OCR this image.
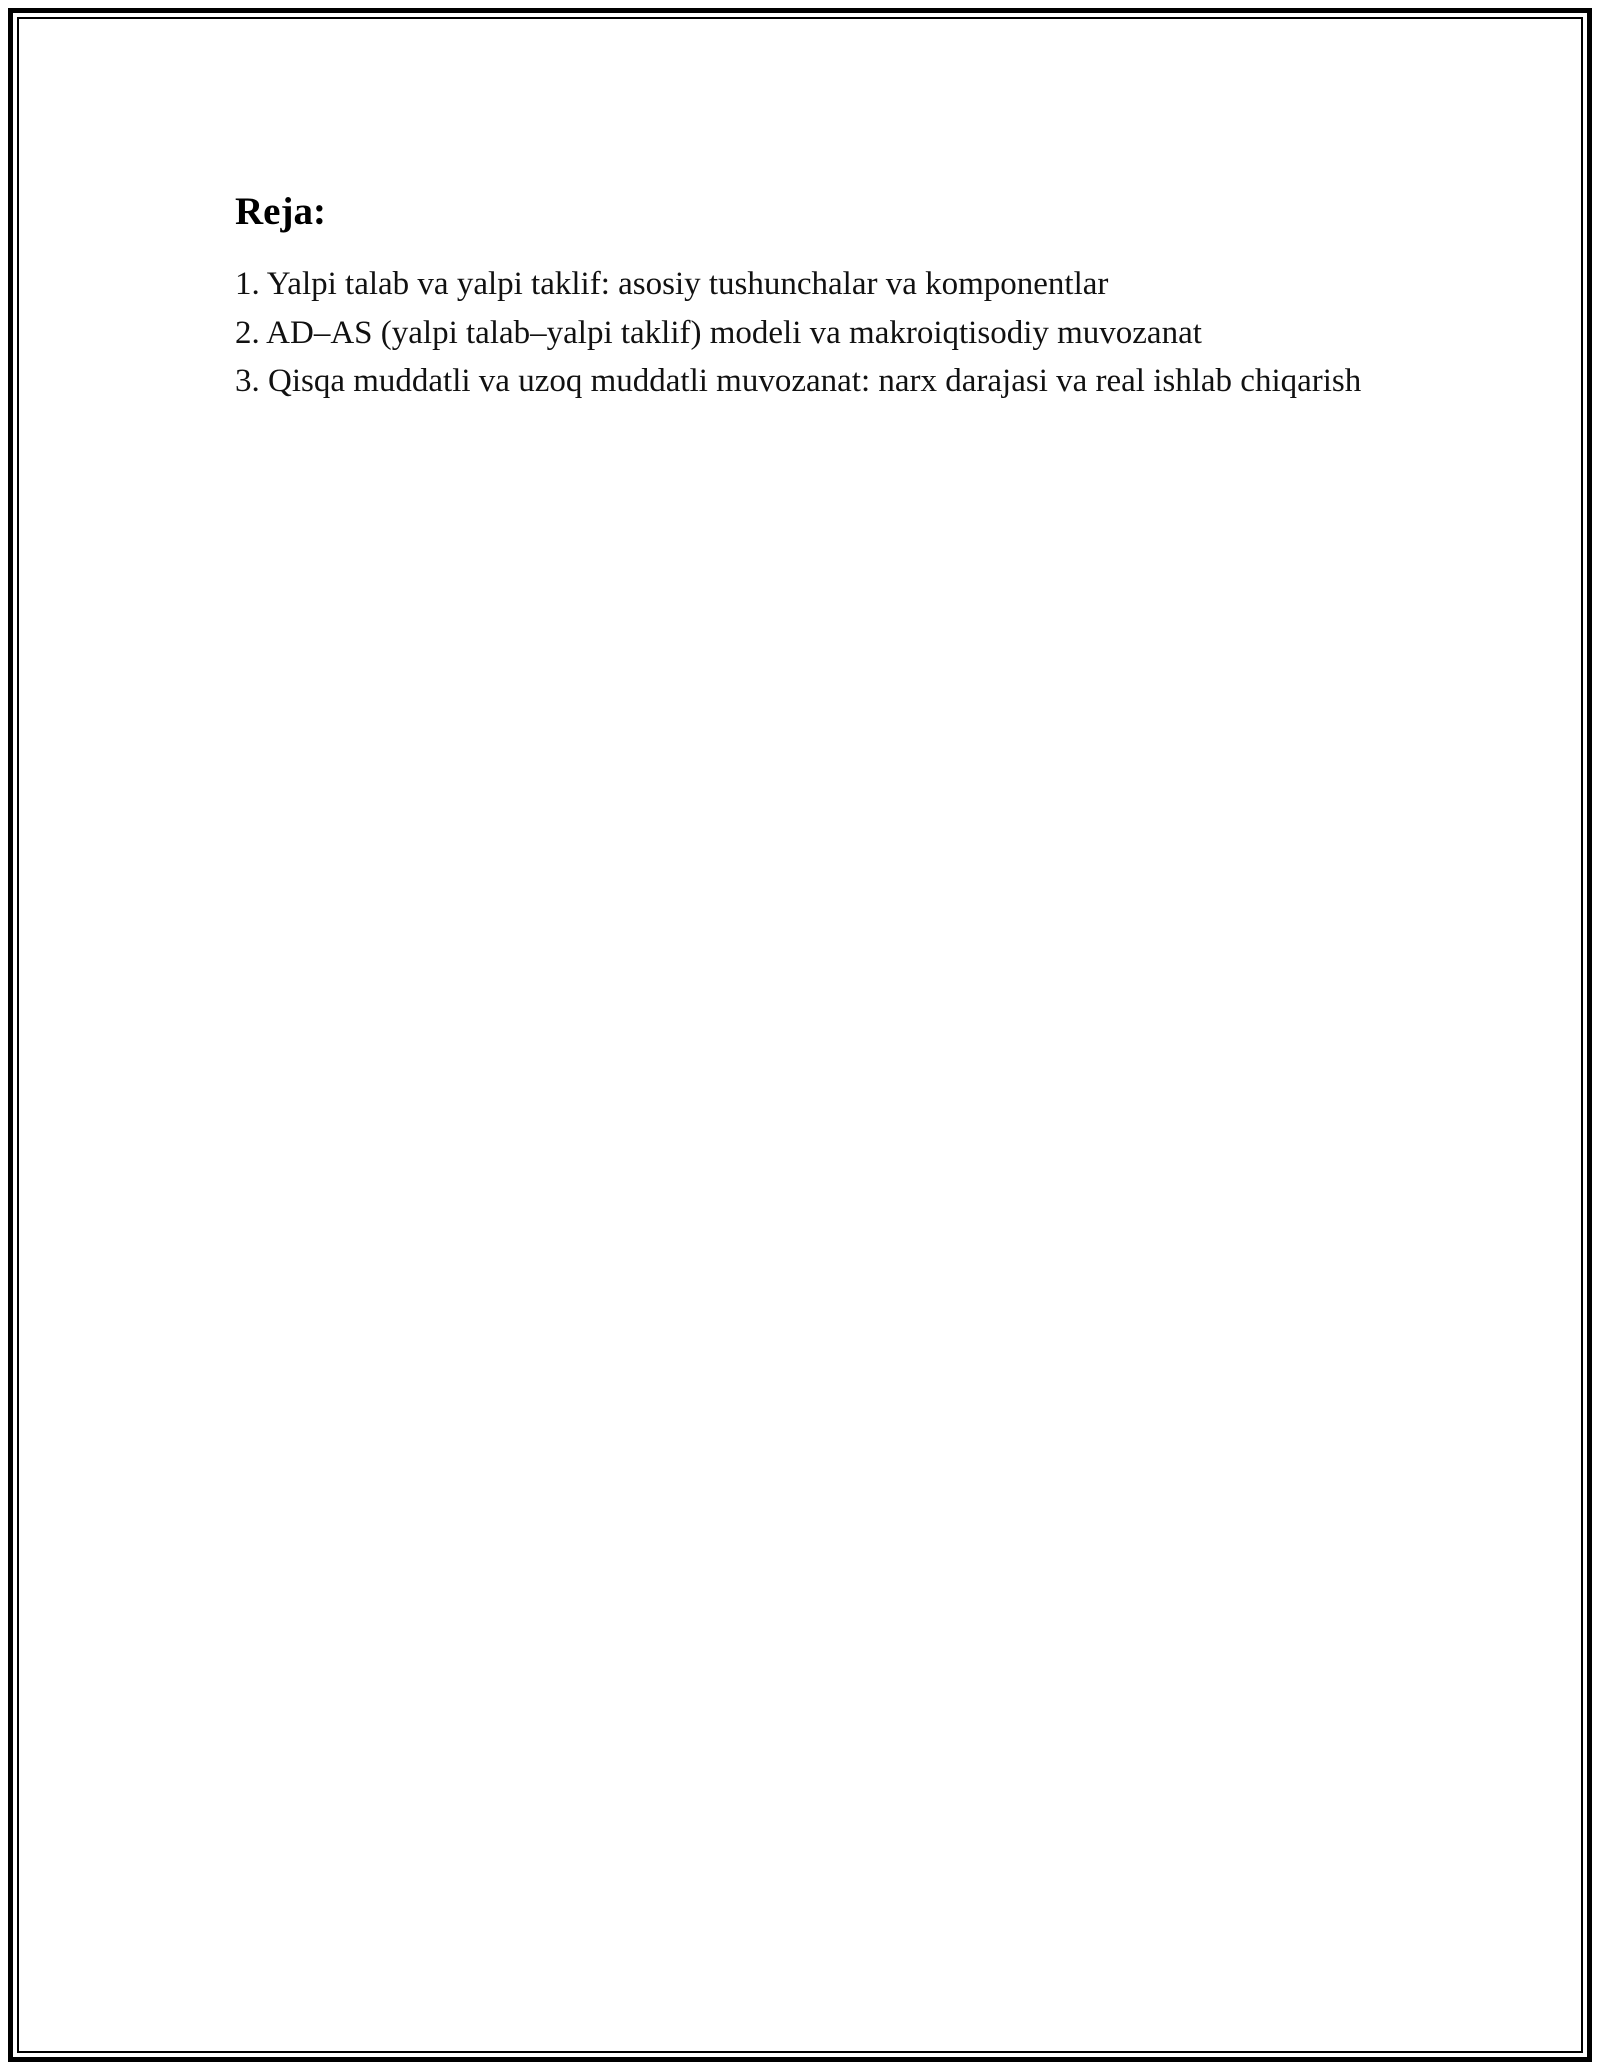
Reja:
1. Yalpi talab va yalpi taklif: asosiy tushunchalar va komponentlar
2. AD–AS (yalpi talab–yalpi taklif) modeli va makroiqtisodiy muvozanat
3. Qisqa muddatli va uzoq muddatli muvozanat: narx darajasi va real ishlab chiqarish
